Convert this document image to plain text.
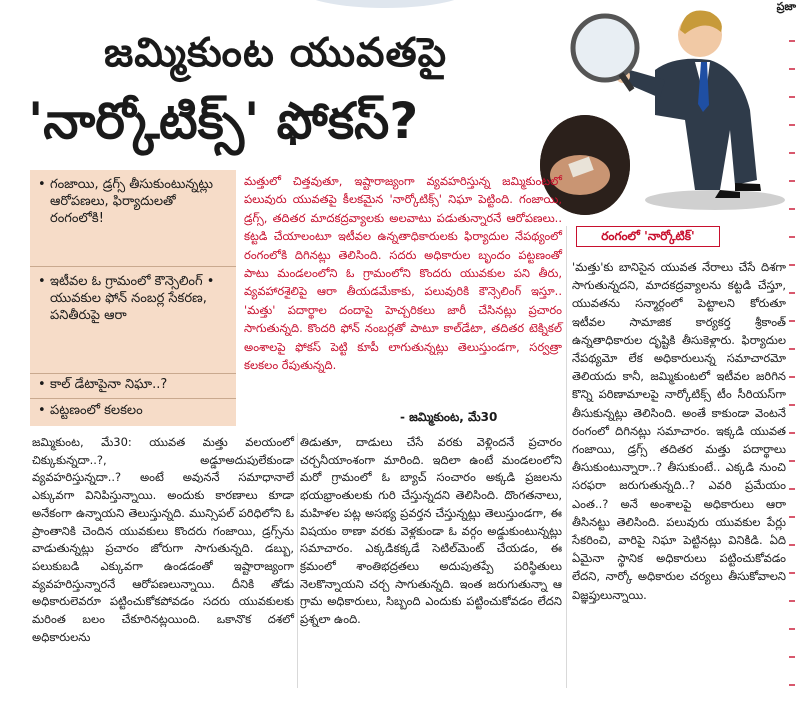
ప్రజా
జమ్మికుంట యువతపై
'నార్కోటిక్స్' ఫోకస్?
• గంజాయి, డ్రగ్స్ తీసుకుంటున్నట్లు ఆరోపణలు, ఫిర్యాదులతో రంగంలోకి!
• ఇటీవల ఓ గ్రామంలో కౌన్సెలింగ్ • యువకుల ఫోన్ నంబర్ల సేకరణ, పనితీరుపై ఆరా
• కాల్ డేటాపైనా నిఘా..?
• పట్టణంలో కలకలం
మత్తులో చిత్తవుతూ, ఇష్టారాజ్యంగా వ్యవహరిస్తున్న జమ్మికుంటలో పలువురు యువతపై కీలకమైన 'నార్కోటిక్స్' నిఘా పెట్టింది. గంజాయి, డ్రగ్స్, తదితర మాదకద్రవ్యాలకు అలవాటు పడుతున్నారనే ఆరోపణలు.. కట్టడి చేయాలంటూ ఇటీవల ఉన్నతాధికారులకు ఫిర్యాదుల నేపథ్యంలో రంగంలోకి దిగినట్లు తెలిసింది. సదరు అధికారుల బృందం పట్టణంతో పాటు మండలంలోని ఓ గ్రామంలోని కొందరు యువకుల పని తీరు, వ్యవహారశైలిపై ఆరా తీయడమేకాకు, పలువురికి కౌన్సెలింగ్ ఇస్తూ.. 'మత్తు' పదార్థాల దందాపై హెచ్చరికలు జారీ చేసినట్లు ప్రచారం సాగుతున్నది. కొందరి ఫోన్ నంబర్లతో పాటూ కాల్‌డేటా, తదితర టెక్నికల్ అంశాలపై ఫోకస్ పెట్టి కూపీ లాగుతున్నట్లు తెలుస్తుండగా, సర్వత్రా కలకలం రేపుతున్నది.
- జమ్మికుంట, మే30
రంగంలో 'నార్కోటిక్'
'మత్తు'కు బానిసైన యువత నేరాలు చేసే దిశగా సాగుతున్నదని, మాదకద్రవ్యాలను కట్టడి చేస్తూ, యువతను సన్మార్గంలో పెట్టాలని కోరుతూ ఇటీవల సామాజిక కార్యకర్త శ్రీకాంత్ ఉన్నతాధికారుల దృష్టికి తీసుకెళ్లారు. ఫిర్యాదుల నేపథ్యమో లేక అధికారులున్న సమాచారమో తెలియదు కానీ, జమ్మికుంటలో ఇటీవల జరిగిన కొన్ని పరిణామాలపై నార్కోటిక్స్ టీం సీరియస్‌గా తీసుకున్నట్లు తెలిసింది. అంతే కాకుండా వెంటనే రంగంలో దిగినట్లు సమాచారం. ఇక్కడి యువత గంజాయి, డ్రగ్స్ తదితర మత్తు పదార్థాలు తీసుకుంటున్నారా..? తీసుకుంటే.. ఎక్కడి నుంచి సరఫరా జరుగుతున్నది..? ఎవరి ప్రమేయం ఎంత..? అనే అంశాలపై అధికారులు ఆరా తీసినట్టు తెలిసింది. పలువురు యువకుల పేర్లు సేకరించి, వారిపై నిఘా పెట్టినట్లు వినికిడి. ఏది ఏమైనా స్థానిక అధికారులు పట్టించుకోవడం లేదని, నార్కో అధికారుల చర్యలు తీసుకోవాలని విజ్ఞప్తులున్నాయి.
జమ్మికుంట, మే30: యువత మత్తు వలయంలో చిక్కుకున్నదా..?, అడ్డూఅదుపులేకుండా వ్యవహరిస్తున్నదా..? అంటే అవుననే సమాధానాలే ఎక్కువగా వినిపిస్తున్నాయి. అందుకు కారణాలు కూడా అనేకంగా ఉన్నాయని తెలుస్తున్నది. మున్సిపల్ పరిధిలోని ఓ ప్రాంతానికి చెందిన యువకులు కొందరు గంజాయి, డ్రగ్స్‌ను వాడుతున్నట్లు ప్రచారం జోరుగా సాగుతున్నది. డబ్బు, పలుకుబడి ఎక్కువగా ఉండడంతో ఇష్టారాజ్యంగా వ్యవహరిస్తున్నారనే ఆరోపణలున్నాయి. దీనికి తోడు అధికారులెవరూ పట్టించుకోకపోవడం సదరు యువకులకు మరింత బలం చేకూరినట్లయింది. ఒకానొక దశలో అధికారులను
తిడుతూ, దాడులు చేసే వరకు వెళ్లిందనే ప్రచారం చర్చనీయాంశంగా మారింది. ఇదిలా ఉంటే మండలంలోని మరో గ్రామంలో ఓ బ్యాచ్ సంచారం అక్కడి ప్రజలను భయభ్రాంతులకు గురి చేస్తున్నదని తెలిసింది. దొంగతనాలు, మహిళల పట్ల అసభ్య ప్రవర్తన చేస్తున్నట్లు తెలుస్తుండగా, ఈ విషయం ఠాణా వరకు వెళ్లకుండా ఓ వర్గం అడ్డుకుంటున్నట్లు సమాచారం. ఎక్కడికక్కడే సెటిల్‌మెంట్ చేయడం, ఈ క్రమంలో శాంతిభద్రతలు అదుపుతప్పే పరిస్థితులు నెలకొన్నాయని చర్చ సాగుతున్నది. ఇంత జరుగుతున్నా ఆ గ్రామ అధికారులు, సిబ్బంది ఎందుకు పట్టించుకోవడం లేదని ప్రశ్నలా ఉంది.
